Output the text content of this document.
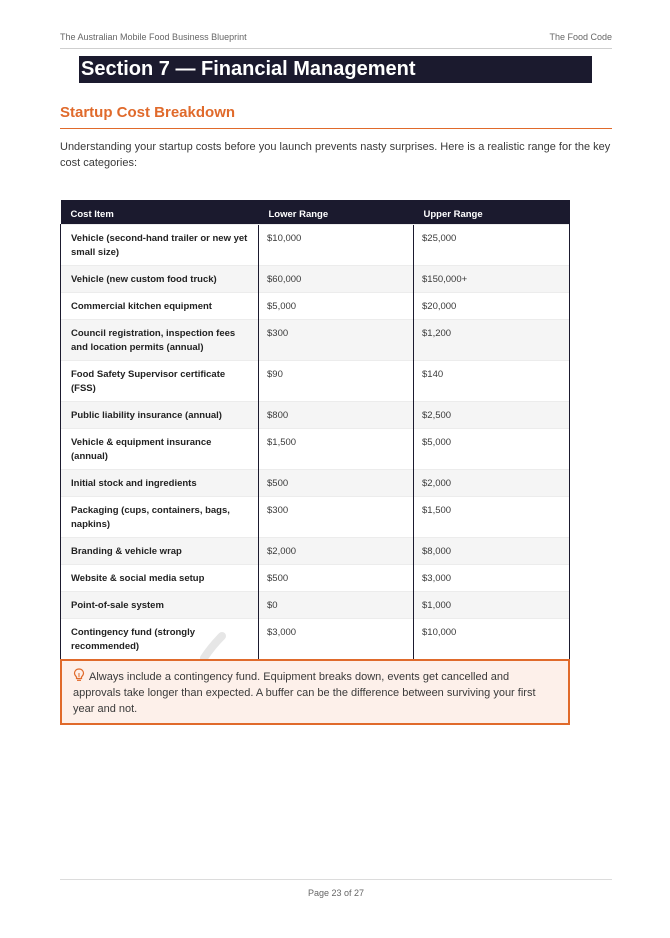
The Australian Mobile Food Business Blueprint	The Food Code
Section 7 — Financial Management
Startup Cost Breakdown
Understanding your startup costs before you launch prevents nasty surprises. Here is a realistic range for the key cost categories:
Cost Item	Lower Range	Upper Range
Vehicle (second-hand trailer or new yet small size)	$10,000	$25,000
Vehicle (new custom food truck)	$60,000	$150,000+
Commercial kitchen equipment	$5,000	$20,000
Council registration, inspection fees and location permits (annual)	$300	$1,200
Food Safety Supervisor certificate (FSS)	$90	$140
Public liability insurance (annual)	$800	$2,500
Vehicle & equipment insurance (annual)	$1,500	$5,000
Initial stock and ingredients	$500	$2,000
Packaging (cups, containers, bags, napkins)	$300	$1,500
Branding & vehicle wrap	$2,000	$8,000
Website & social media setup	$500	$3,000
Point-of-sale system	$0	$1,000
Contingency fund (strongly recommended)	$3,000	$10,000
Always include a contingency fund. Equipment breaks down, events get cancelled and approvals take longer than expected. A buffer can be the difference between surviving your first year and not.
Page 23 of 27
